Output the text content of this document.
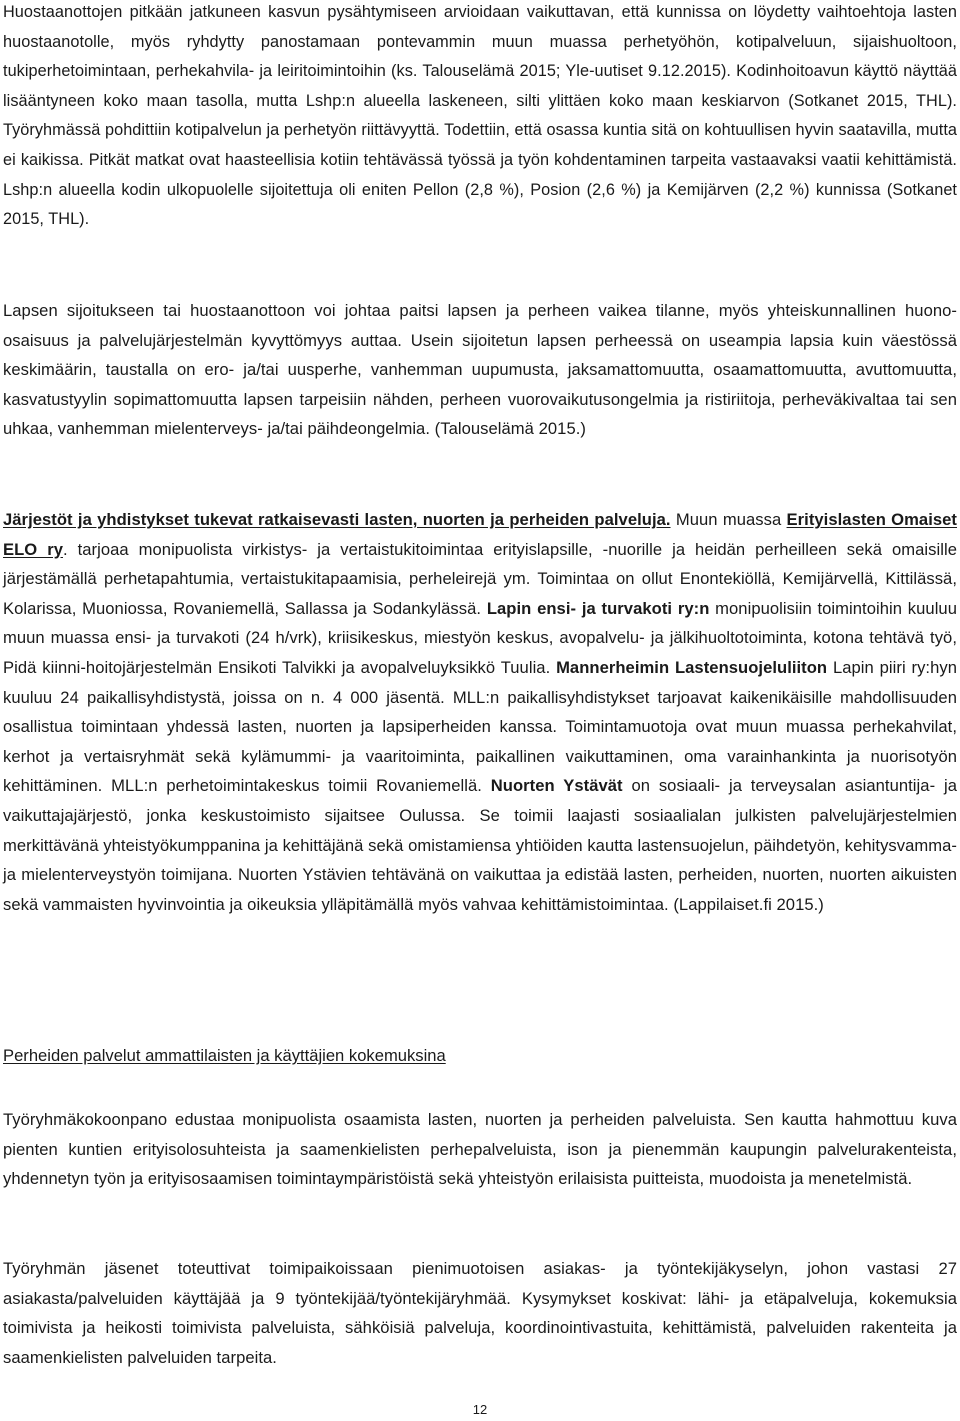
Huostaanottojen pitkään jatkuneen kasvun pysähtymiseen arvioidaan vaikuttavan, että kunnissa on löydetty vaihtoehtoja lasten huostaanotolle, myös ryhdytty panostamaan pontevammin muun muassa perhetyöhön, kotipalveluun, sijaishuoltoon, tukiperhetoimintaan, perhekahvila- ja leiritoimintoihin (ks. Talouselämä 2015; Yle-uutiset 9.12.2015). Kodinhoitoavun käyttö näyttää lisääntyneen koko maan tasolla, mutta Lshp:n alueella laskeneen, silti ylittäen koko maan keskiarvon (Sotkanet 2015, THL). Työryhmässä pohdittiin kotipalvelun ja perhetyön riittävyyttä. Todettiin, että osassa kuntia sitä on kohtuullisen hyvin saatavilla, mutta ei kaikissa. Pitkät matkat ovat haasteellisia kotiin tehtävässä työssä ja työn kohdentaminen tarpeita vastaavaksi vaatii kehittämistä. Lshp:n alueella kodin ulkopuolelle sijoitettuja oli eniten Pellon (2,8 %), Posion (2,6 %) ja Kemijärven (2,2 %) kunnissa (Sotkanet 2015, THL).

Lapsen sijoitukseen tai huostaanottoon voi johtaa paitsi lapsen ja perheen vaikea tilanne, myös yhteiskunnallinen huono-osaisuus ja palvelujärjestelmän kyvyttömyys auttaa. Usein sijoitetun lapsen perheessä on useampia lapsia kuin väestössä keskimäärin, taustalla on ero- ja/tai uusperhe, vanhemman uupumusta, jaksamattomuutta, osaamattomuutta, avuttomuutta, kasvatustyylin sopimattomuutta lapsen tarpeisiin nähden, perheen vuorovaikutusongelmia ja ristiriitoja, perheväkivaltaa tai sen uhkaa, vanhemman mielenterveys- ja/tai päihdeongelmia. (Talouselämä 2015.)

Järjestöt ja yhdistykset tukevat ratkaisevasti lasten, nuorten ja perheiden palveluja. Muun muassa Erityislasten Omaiset ELO ry. tarjoaa monipuolista virkistys- ja vertaistukitoimintaa erityislapsille, -nuorille ja heidän perheilleen sekä omaisille järjestämällä perhetapahtumia, vertaistukitapaamisia, perheleirejä ym. Toimintaa on ollut Enontekiöllä, Kemijärvellä, Kittilässä, Kolarissa, Muoniossa, Rovaniemellä, Sallassa ja Sodankylässä. Lapin ensi- ja turvakoti ry:n monipuolisiin toimintoihin kuuluu muun muassa ensi- ja turvakoti (24 h/vrk), kriisikeskus, miestyön keskus, avopalvelu- ja jälkihuoltotoiminta, kotona tehtävä työ, Pidä kiinni-hoitojärjestelmän Ensikoti Talvikki ja avopalveluyksikkö Tuulia. Mannerheimin Lastensuojeluliiton Lapin piiri ry:hyn kuuluu 24 paikallisyhdistystä, joissa on n. 4 000 jäsentä. MLL:n paikallisyhdistykset tarjoavat kaikenikäisille mahdollisuuden osallistua toimintaan yhdessä lasten, nuorten ja lapsiperheiden kanssa. Toimintamuotoja ovat muun muassa perhekahvilat, kerhot ja vertaisryhmät sekä kylämummi- ja vaaritoiminta, paikallinen vaikuttaminen, oma varainhankinta ja nuorisotyön kehittäminen. MLL:n perhetoimintakeskus toimii Rovaniemellä. Nuorten Ystävät on sosiaali- ja terveysalan asiantuntija- ja vaikuttajajärjestö, jonka keskustoimisto sijaitsee Oulussa. Se toimii laajasti sosiaalialan julkisten palvelujärjestelmien merkittävänä yhteistyökumppanina ja kehittäjänä sekä omistamiensa yhtiöiden kautta lastensuojelun, päihdetyön, kehitysvamma- ja mielenterveystyön toimijana. Nuorten Ystävien tehtävänä on vaikuttaa ja edistää lasten, perheiden, nuorten, nuorten aikuisten sekä vammaisten hyvinvointia ja oikeuksia ylläpitämällä myös vahvaa kehittämistoimintaa. (Lappilaiset.fi 2015.)

Perheiden palvelut ammattilaisten ja käyttäjien kokemuksina

Työryhmäkokoonpano edustaa monipuolista osaamista lasten, nuorten ja perheiden palveluista. Sen kautta hahmottuu kuva pienten kuntien erityisolosuhteista ja saamenkielisten perhepalveluista, ison ja pienemmän kaupungin palvelurakenteista, yhdennetyn työn ja erityisosaamisen toimintaympäristöistä sekä yhteistyön erilaisista puitteista, muodoista ja menetelmistä.

Työryhmän jäsenet toteuttivat toimipaikoissaan pienimuotoisen asiakas- ja työntekijäkyselyn, johon vastasi 27 asiakasta/palveluiden käyttäjää ja 9 työntekijää/työntekijäryhmää. Kysymykset koskivat: lähi- ja etäpalveluja, kokemuksia toimivista ja heikosti toimivista palveluista, sähköisiä palveluja, koordinointivastuita, kehittämistä, palveluiden rakenteita ja saamenkielisten palveluiden tarpeita.

12
